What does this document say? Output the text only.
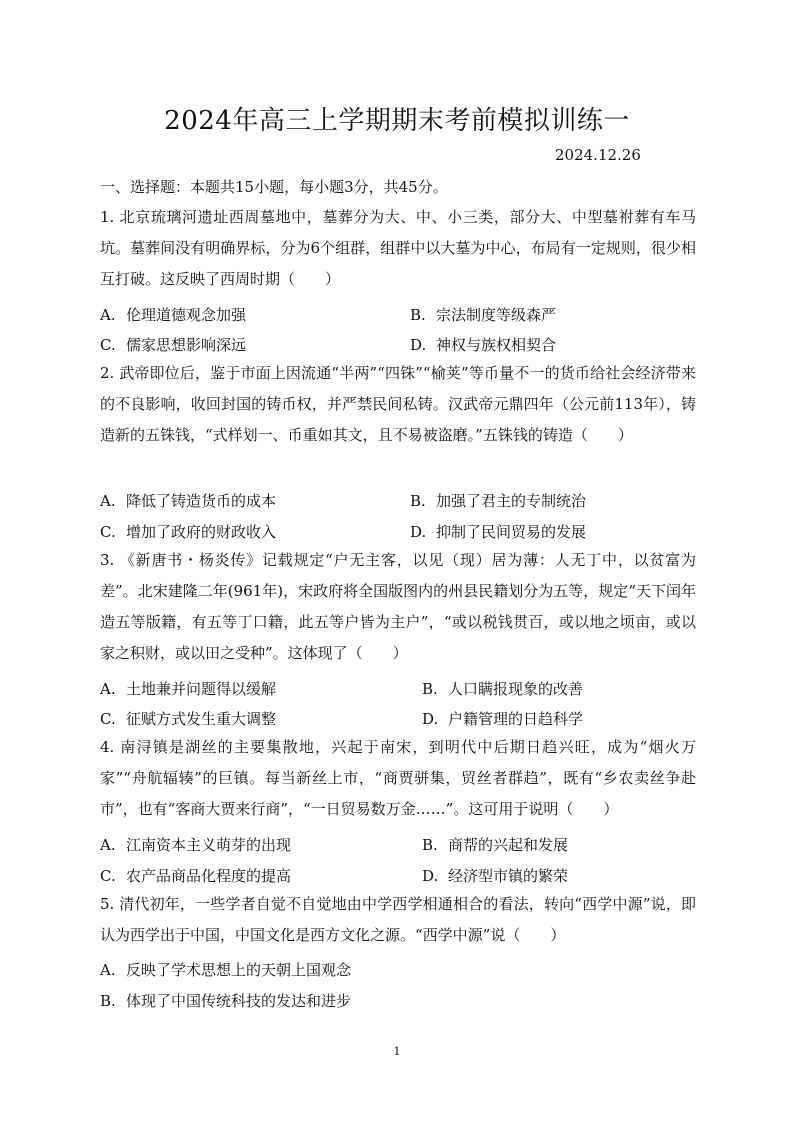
2024年高三上学期期末考前模拟训练一
2024.12.26
一、选择题：本题共15小题，每小题3分，共45分。
1. 北京琉璃河遗址西周墓地中，墓葬分为大、中、小三类，部分大、中型墓祔葬有车马坑。墓葬间没有明确界标，分为6个组群，组群中以大墓为中心，布局有一定规则，很少相互打破。这反映了西周时期（　　）
A. 伦理道德观念加强	B. 宗法制度等级森严
C. 儒家思想影响深远	D. 神权与族权相契合
2. 武帝即位后，鉴于市面上因流通“半两”“四铢”“榆荚”等币量不一的货币给社会经济带来的不良影响，收回封国的铸币权，并严禁民间私铸。汉武帝元鼎四年（公元前113年），铸造新的五铢钱，“式样划一、币重如其文，且不易被盗磨。”五铢钱的铸造（　　）
A. 降低了铸造货币的成本	B. 加强了君主的专制统治
C. 增加了政府的财政收入	D. 抑制了民间贸易的发展
3. 《新唐书・杨炎传》记载规定“户无主客，以见（现）居为薄：人无丁中，以贫富为差”。北宋建隆二年(961年)，宋政府将全国版图内的州县民籍划分为五等，规定“天下闰年造五等版籍，有五等丁口籍，此五等户皆为主户”，“或以税钱贯百，或以地之顷亩，或以家之积财，或以田之受种”。这体现了（　　）
A. 土地兼并问题得以缓解	B. 人口瞒报现象的改善
C. 征赋方式发生重大调整	D. 户籍管理的日趋科学
4. 南浔镇是湖丝的主要集散地，兴起于南宋，到明代中后期日趋兴旺，成为“烟火万家”“舟航辐辏”的巨镇。每当新丝上市，“商贾骈集，贸丝者群趋”，既有“乡农卖丝争赴市”，也有“客商大贾来行商”，“一日贸易数万金……”。这可用于说明（　　）
A. 江南资本主义萌芽的出现	B. 商帮的兴起和发展
C. 农产品商品化程度的提高	D. 经济型市镇的繁荣
5. 清代初年，一些学者自觉不自觉地由中学西学相通相合的看法，转向“西学中源”说，即认为西学出于中国，中国文化是西方文化之源。“西学中源”说（　　）
A. 反映了学术思想上的天朝上国观念
B. 体现了中国传统科技的发达和进步
1
